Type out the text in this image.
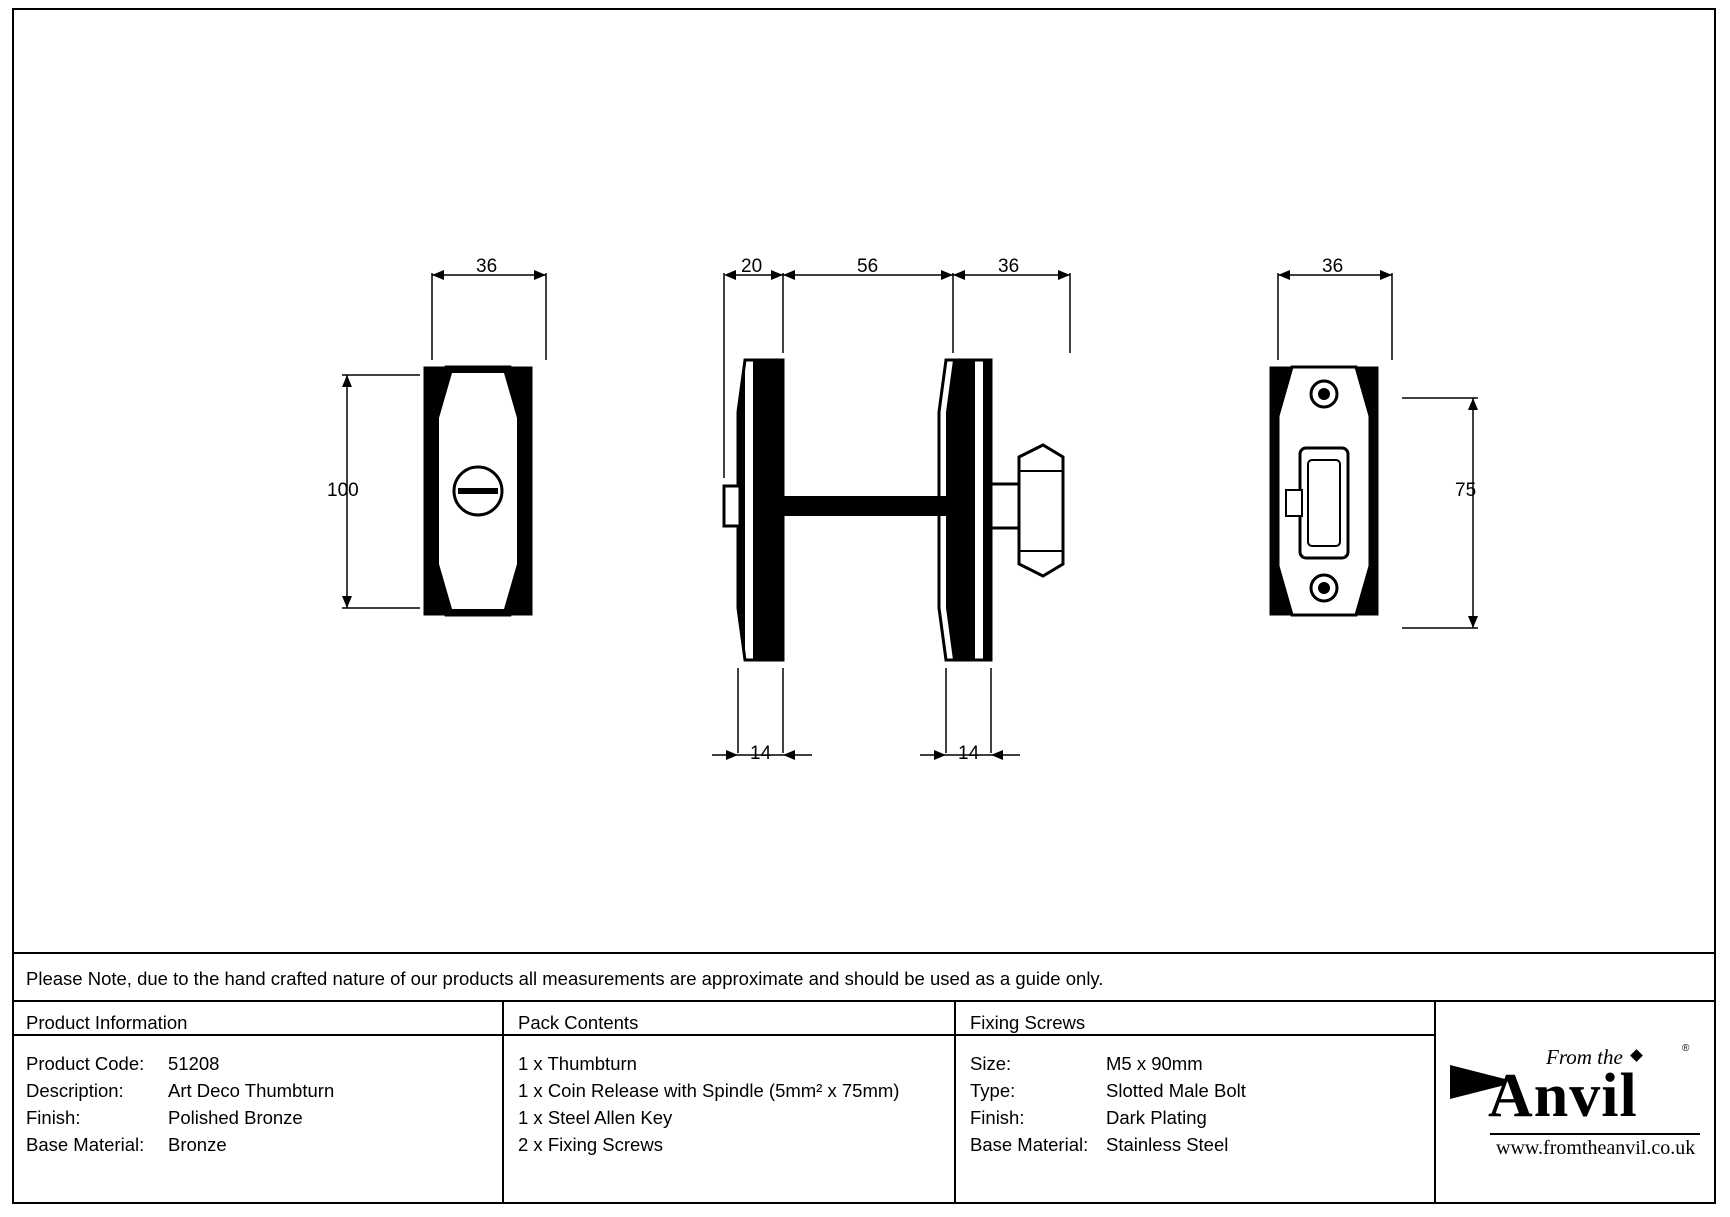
36
100
20	56	36
14	14
36
75

Please Note, due to the hand crafted nature of our products all measurements are approximate and should be used as a guide only.

Product Information
Product Code:	51208
Description:	Art Deco Thumbturn
Finish:	Polished Bronze
Base Material:	Bronze
Pack Contents
1 x Thumbturn
1 x Coin Release with Spindle (5mm² x 75mm)
1 x Steel Allen Key
2 x Fixing Screws
Fixing Screws
Size:	M5 x 90mm
Type:	Slotted Male Bolt
Finish:	Dark Plating
Base Material: Stainless Steel
From the	®
Anvil
www.fromtheanvil.co.uk
